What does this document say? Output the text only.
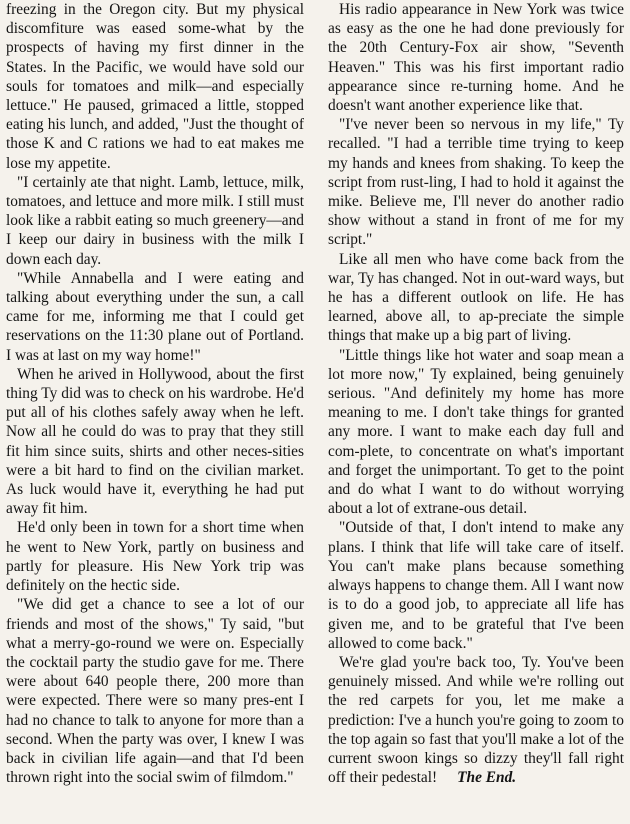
freezing in the Oregon city. But my physical discomfiture was eased some-what by the prospects of having my first dinner in the States. In the Pacific, we would have sold our souls for tomatoes and milk—and especially lettuce." He paused, grimaced a little, stopped eating his lunch, and added, "Just the thought of those K and C rations we had to eat makes me lose my appetite.

"I certainly ate that night. Lamb, lettuce, milk, tomatoes, and lettuce and more milk. I still must look like a rabbit eating so much greenery—and I keep our dairy in business with the milk I down each day.

"While Annabella and I were eating and talking about everything under the sun, a call came for me, informing me that I could get reservations on the 11:30 plane out of Portland. I was at last on my way home!"

When he arived in Hollywood, about the first thing Ty did was to check on his wardrobe. He'd put all of his clothes safely away when he left. Now all he could do was to pray that they still fit him since suits, shirts and other neces-sities were a bit hard to find on the civilian market. As luck would have it, everything he had put away fit him.

He'd only been in town for a short time when he went to New York, partly on business and partly for pleasure. His New York trip was definitely on the hectic side.

"We did get a chance to see a lot of our friends and most of the shows," Ty said, "but what a merry-go-round we were on. Especially the cocktail party the studio gave for me. There were about 640 people there, 200 more than were expected. There were so many pres-ent I had no chance to talk to anyone for more than a second. When the party was over, I knew I was back in civilian life again—and that I'd been thrown right into the social swim of filmdom."

His radio appearance in New York was twice as easy as the one he had done previously for the 20th Century-Fox air show, "Seventh Heaven." This was his first important radio appearance since re-turning home. And he doesn't want another experience like that.

"I've never been so nervous in my life," Ty recalled. "I had a terrible time trying to keep my hands and knees from shaking. To keep the script from rust-ling, I had to hold it against the mike. Believe me, I'll never do another radio show without a stand in front of me for my script."

Like all men who have come back from the war, Ty has changed. Not in out-ward ways, but he has a different outlook on life. He has learned, above all, to ap-preciate the simple things that make up a big part of living.

"Little things like hot water and soap mean a lot more now," Ty explained, being genuinely serious. "And definitely my home has more meaning to me. I don't take things for granted any more. I want to make each day full and com-plete, to concentrate on what's important and forget the unimportant. To get to the point and do what I want to do without worrying about a lot of extrane-ous detail.

"Outside of that, I don't intend to make any plans. I think that life will take care of itself. You can't make plans because something always happens to change them. All I want now is to do a good job, to appreciate all life has given me, and to be grateful that I've been allowed to come back."

We're glad you're back too, Ty. You've been genuinely missed. And while we're rolling out the red carpets for you, let me make a prediction: I've a hunch you're going to zoom to the top again so fast that you'll make a lot of the current swoon kings so dizzy they'll fall right off their pedestal! The End.
